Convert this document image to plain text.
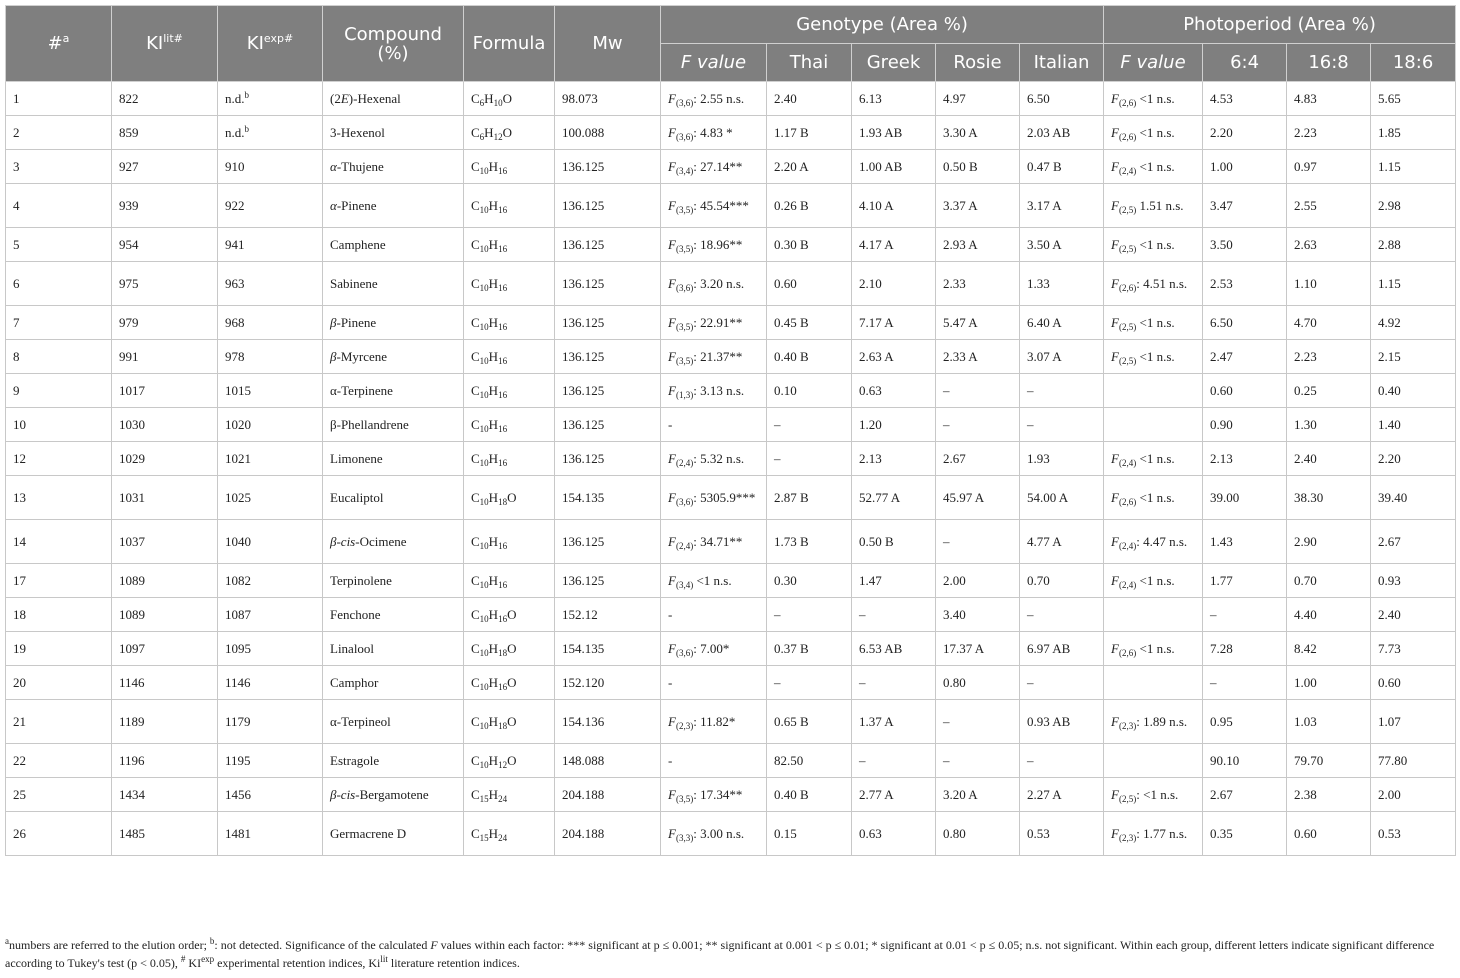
#$^a$	$KI^{lit\#}$	$KI^{exp\#}$	Compound (%)	Formula	Mw	Genotype (Area %)					Photoperiod (Area %)			
						F value	Thai	Greek	Rosie	Italian	F value	6:4	16:8	18:6
1	822	n.d.$^b$	(2E)-Hexenal	$C_6H_{10}O$	98.073	$F_{(3,6)}$: 2.55 n.s.	2.40	6.13	4.97	6.50	$F_{(2,6)} <1$ n.s.	4.53	4.83	5.65
2	859	n.d.$^b$	3-Hexenol	$C_6H_{12}O$	100.088	$F_{(3,6)}$: 4.83 *	1.17 B	1.93 AB	3.30 A	2.03 AB	$F_{(2,6)} <1$ n.s.	2.20	2.23	1.85
3	927	910	α-Thujene	$C_{10}H_{16}$	136.125	$F_{(3,4)}$: 27.14**	2.20 A	1.00 AB	0.50 B	0.47 B	$F_{(2,4)} <1$ n.s.	1.00	0.97	1.15
4	939	922	α-Pinene	$C_{10}H_{16}$	136.125	$F_{(3,5)}$: 45.54***	0.26 B	4.10 A	3.37 A	3.17 A	$F_{(2,5)}$ 1.51 n.s.	3.47	2.55	2.98
5	954	941	Camphene	$C_{10}H_{16}$	136.125	$F_{(3,5)}$: 18.96**	0.30 B	4.17 A	2.93 A	3.50 A	$F_{(2,5)} <1$ n.s.	3.50	2.63	2.88
6	975	963	Sabinene	$C_{10}H_{16}$	136.125	$F_{(3,6)}$: 3.20 n.s.	0.60	2.10	2.33	1.33	$F_{(2,6)}$: 4.51 n.s.	2.53	1.10	1.15
7	979	968	β-Pinene	$C_{10}H_{16}$	136.125	$F_{(3,5)}$: 22.91**	0.45 B	7.17 A	5.47 A	6.40 A	$F_{(2,5)} <1$ n.s.	6.50	4.70	4.92
8	991	978	β-Myrcene	$C_{10}H_{16}$	136.125	$F_{(3,5)}$: 21.37**	0.40 B	2.63 A	2.33 A	3.07 A	$F_{(2,5)} <1$ n.s.	2.47	2.23	2.15
9	1017	1015	α-Terpinene	$C_{10}H_{16}$	136.125	$F_{(1,3)}$: 3.13 n.s.	0.10	0.63	–	–		0.60	0.25	0.40
10	1030	1020	β-Phellandrene	$C_{10}H_{16}$	136.125	-	–	1.20	–	–		0.90	1.30	1.40
12	1029	1021	Limonene	$C_{10}H_{16}$	136.125	$F_{(2,4)}$: 5.32 n.s.	–	2.13	2.67	1.93	$F_{(2,4)} <1$ n.s.	2.13	2.40	2.20
13	1031	1025	Eucaliptol	$C_{10}H_{18}O$	154.135	$F_{(3,6)}$: 5305.9***	2.87 B	52.77 A	45.97 A	54.00 A	$F_{(2,6)} <1$ n.s.	39.00	38.30	39.40
14	1037	1040	β-cis-Ocimene	$C_{10}H_{16}$	136.125	$F_{(2,4)}$: 34.71**	1.73 B	0.50 B	–	4.77 A	$F_{(2,4)}$: 4.47 n.s.	1.43	2.90	2.67
17	1089	1082	Terpinolene	$C_{10}H_{16}$	136.125	$F_{(3,4)} <1$ n.s.	0.30	1.47	2.00	0.70	$F_{(2,4)} <1$ n.s.	1.77	0.70	0.93
18	1089	1087	Fenchone	$C_{10}H_{16}O$	152.12	-	–	–	3.40	–		–	4.40	2.40
19	1097	1095	Linalool	$C_{10}H_{18}O$	154.135	$F_{(3,6)}$: 7.00*	0.37 B	6.53 AB	17.37 A	6.97 AB	$F_{(2,6)} <1$ n.s.	7.28	8.42	7.73
20	1146	1146	Camphor	$C_{10}H_{16}O$	152.120	-	–	–	0.80	–		–	1.00	0.60
21	1189	1179	α-Terpineol	$C_{10}H_{18}O$	154.136	$F_{(2,3)}$: 11.82*	0.65 B	1.37 A	–	0.93 AB	$F_{(2,3)}$: 1.89 n.s.	0.95	1.03	1.07
22	1196	1195	Estragole	$C_{10}H_{12}O$	148.088	-	82.50	–	–	–		90.10	79.70	77.80
25	1434	1456	β-cis-Bergamotene	$C_{15}H_{24}$	204.188	$F_{(3,5)}$: 17.34**	0.40 B	2.77 A	3.20 A	2.27 A	$F_{(2,5)}$: <1 n.s.	2.67	2.38	2.00
26	1485	1481	Germacrene D	$C_{15}H_{24}$	204.188	$F_{(3,3)}$: 3.00 n.s.	0.15	0.63	0.80	0.53	$F_{(2,3)}$: 1.77 n.s.	0.35	0.60	0.53
$^a$numbers are referred to the elution order; $^b$: not detected. Significance of the calculated F values within each factor: *** significant at p ≤ 0.001; ** significant at 0.001 < p ≤ 0.01; * significant at 0.01 < p ≤ 0.05; n.s. not significant. Within each group, different letters indicate significant difference according to Tukey's test (p < 0.05), # $KI^{exp}$ experimental retention indices, $Ki^{lit}$ literature retention indices.
